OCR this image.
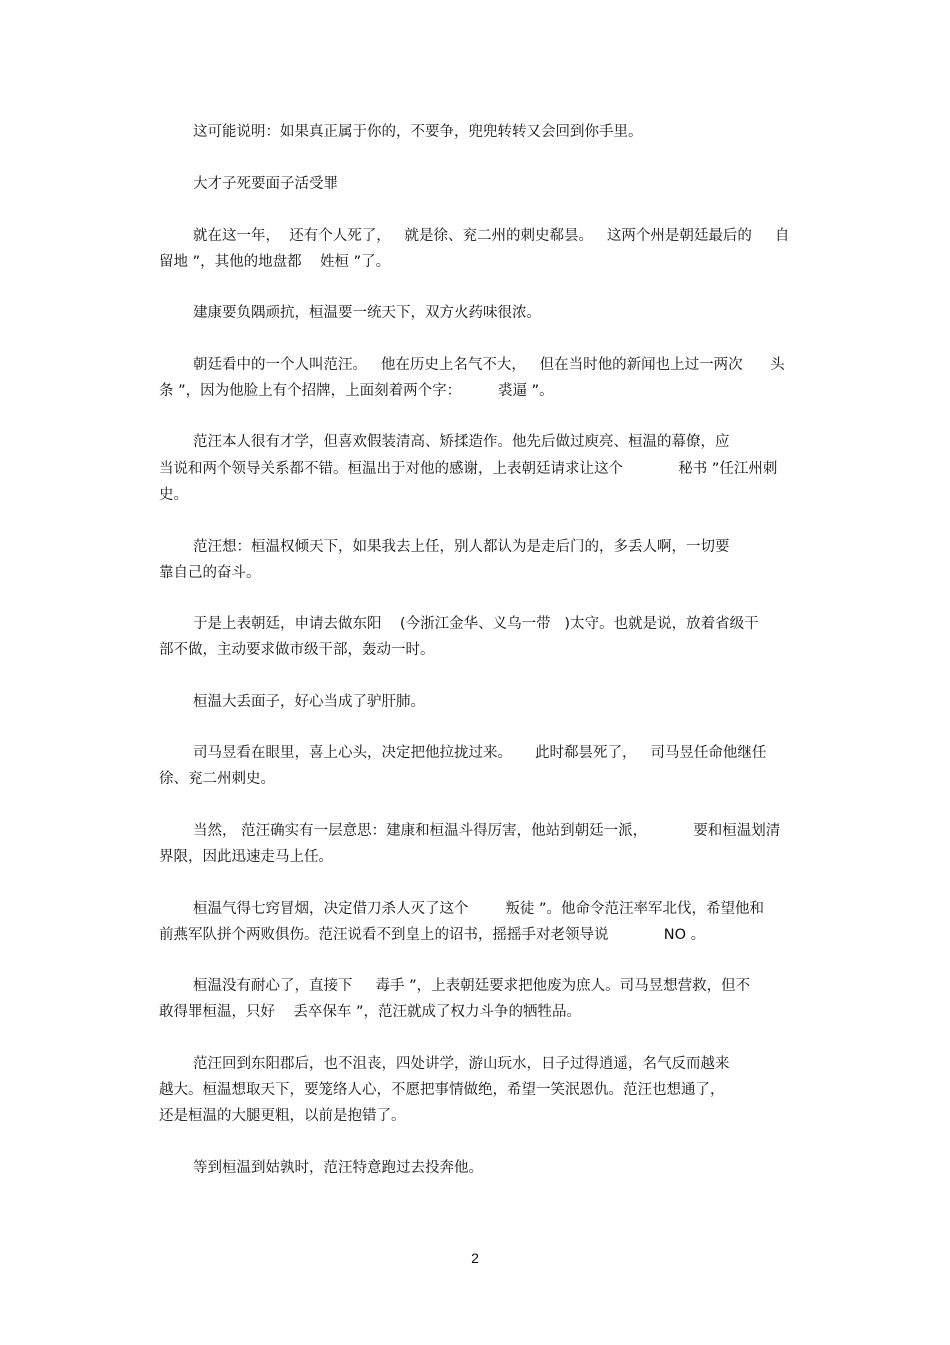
这可能说明：如果真正属于你的，不要争，兜兜转转又会回到你手里。
大才子死要面子活受罪
就在这一年，  还有个人死了，   就是徐、兖二州的刺史郗昙。   这两个州是朝廷最后的     自
留地 ”，其他的地盘都    姓桓 ”了。
建康要负隅顽抗，桓温要一统天下，双方火药味很浓。
朝廷看中的一个人叫范汪。   他在历史上名气不大，   但在当时他的新闻也上过一两次      头
条 ”，因为他脸上有个招牌，上面刻着两个字：        裘逼 ”。
范汪本人很有才学，但喜欢假装清高、矫揉造作。他先后做过庾亮、桓温的幕僚，应
当说和两个领导关系都不错。桓温出于对他的感谢，上表朝廷请求让这个            秘书 ”任江州刺
史。
范汪想：桓温权倾天下，如果我去上任，别人都认为是走后门的，多丢人啊，一切要
靠自己的奋斗。
于是上表朝廷，申请去做东阳    (今浙江金华、义乌一带   )太守。也就是说，放着省级干
部不做，主动要求做市级干部，轰动一时。
桓温大丢面子，好心当成了驴肝肺。
司马昱看在眼里，喜上心头，决定把他拉拢过来。     此时郗昙死了，   司马昱任命他继任
徐、兖二州刺史。
当然， 范汪确实有一层意思：建康和桓温斗得厉害，他站到朝廷一派，          要和桓温划清
界限，因此迅速走马上任。
桓温气得七窍冒烟，决定借刀杀人灭了这个        叛徒 ”。他命令范汪率军北伐，希望他和
前燕军队拼个两败俱伤。范汪说看不到皇上的诏书，摇摇手对老领导说            NO 。
桓温没有耐心了，直接下     毒手 ”，上表朝廷要求把他废为庶人。司马昱想营救，但不
敢得罪桓温，只好    丢卒保车 ”，范汪就成了权力斗争的牺牲品。
范汪回到东阳郡后，也不沮丧，四处讲学，游山玩水，日子过得逍遥，名气反而越来
越大。桓温想取天下，要笼络人心，不愿把事情做绝，希望一笑泯恩仇。范汪也想通了，
还是桓温的大腿更粗，以前是抱错了。
等到桓温到姑孰时，范汪特意跑过去投奔他。
2
